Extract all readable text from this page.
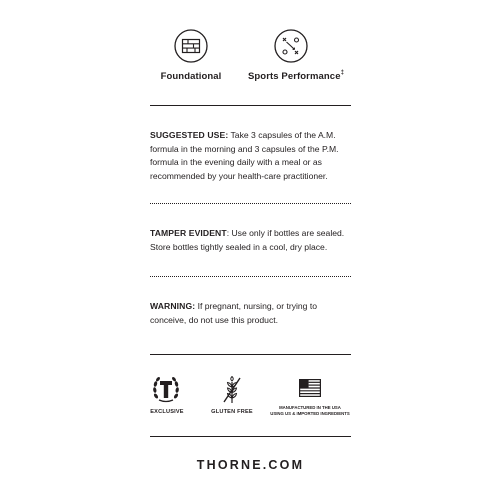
Foundational	Sports Performance‡
SUGGESTED USE: Take 3 capsules of the A.M. formula in the morning and 3 capsules of the P.M. formula in the evening daily with a meal or as recommended by your health-care practitioner.
TAMPER EVIDENT: Use only if bottles are sealed. Store bottles tightly sealed in a cool, dry place.
WARNING: If pregnant, nursing, or trying to conceive, do not use this product.
EXCLUSIVE	GLUTEN FREE
MANUFACTURED IN THE USA
USING US & IMPORTED INGREDIENTS
THORNE.COM
